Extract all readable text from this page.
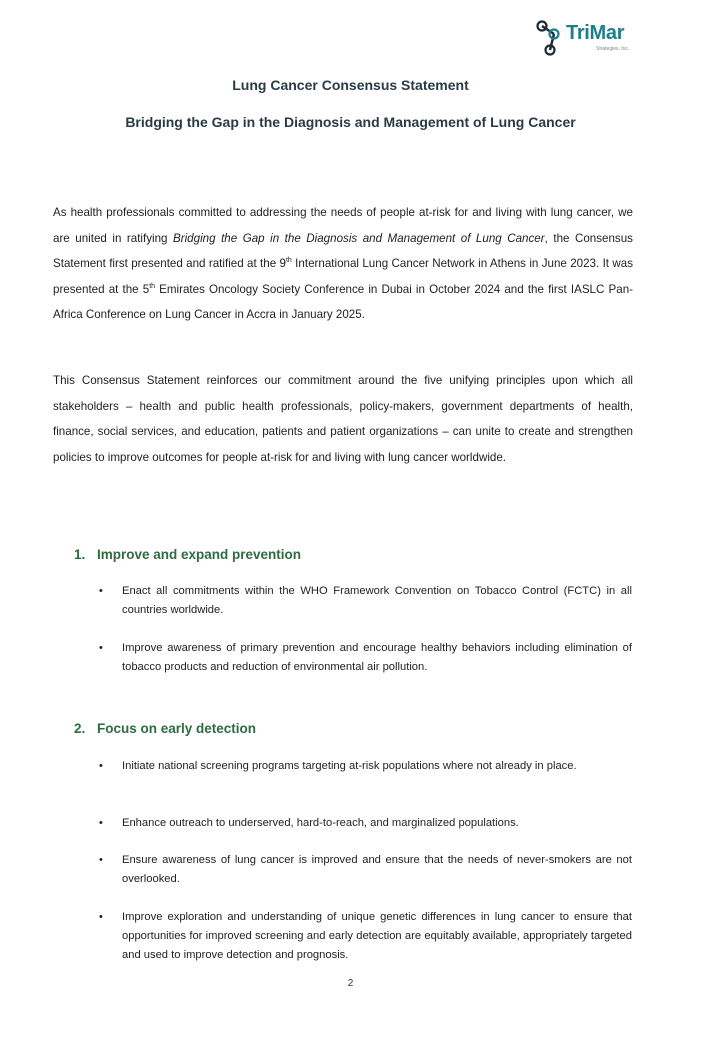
TriMar
Strategies, Inc.
Lung Cancer Consensus Statement
Bridging the Gap in the Diagnosis and Management of Lung Cancer

As health professionals committed to addressing the needs of people at-risk for and living with lung cancer, we are united in ratifying Bridging the Gap in the Diagnosis and Management of Lung Cancer, the Consensus Statement first presented and ratified at the 9th International Lung Cancer Network in Athens in June 2023. It was presented at the 5th Emirates Oncology Society Conference in Dubai in October 2024 and the first IASLC Pan-Africa Conference on Lung Cancer in Accra in January 2025.

This Consensus Statement reinforces our commitment around the five unifying principles upon which all stakeholders – health and public health professionals, policy-makers, government departments of health, finance, social services, and education, patients and patient organizations – can unite to create and strengthen policies to improve outcomes for people at-risk for and living with lung cancer worldwide.

1. Improve and expand prevention

• Enact all commitments within the WHO Framework Convention on Tobacco Control (FCTC) in all countries worldwide.

• Improve awareness of primary prevention and encourage healthy behaviors including elimination of tobacco products and reduction of environmental air pollution.

2. Focus on early detection

• Initiate national screening programs targeting at-risk populations where not already in place.

• Enhance outreach to underserved, hard-to-reach, and marginalized populations.

• Ensure awareness of lung cancer is improved and ensure that the needs of never-smokers are not overlooked.

• Improve exploration and understanding of unique genetic differences in lung cancer to ensure that opportunities for improved screening and early detection are equitably available, appropriately targeted and used to improve detection and prognosis.

2
